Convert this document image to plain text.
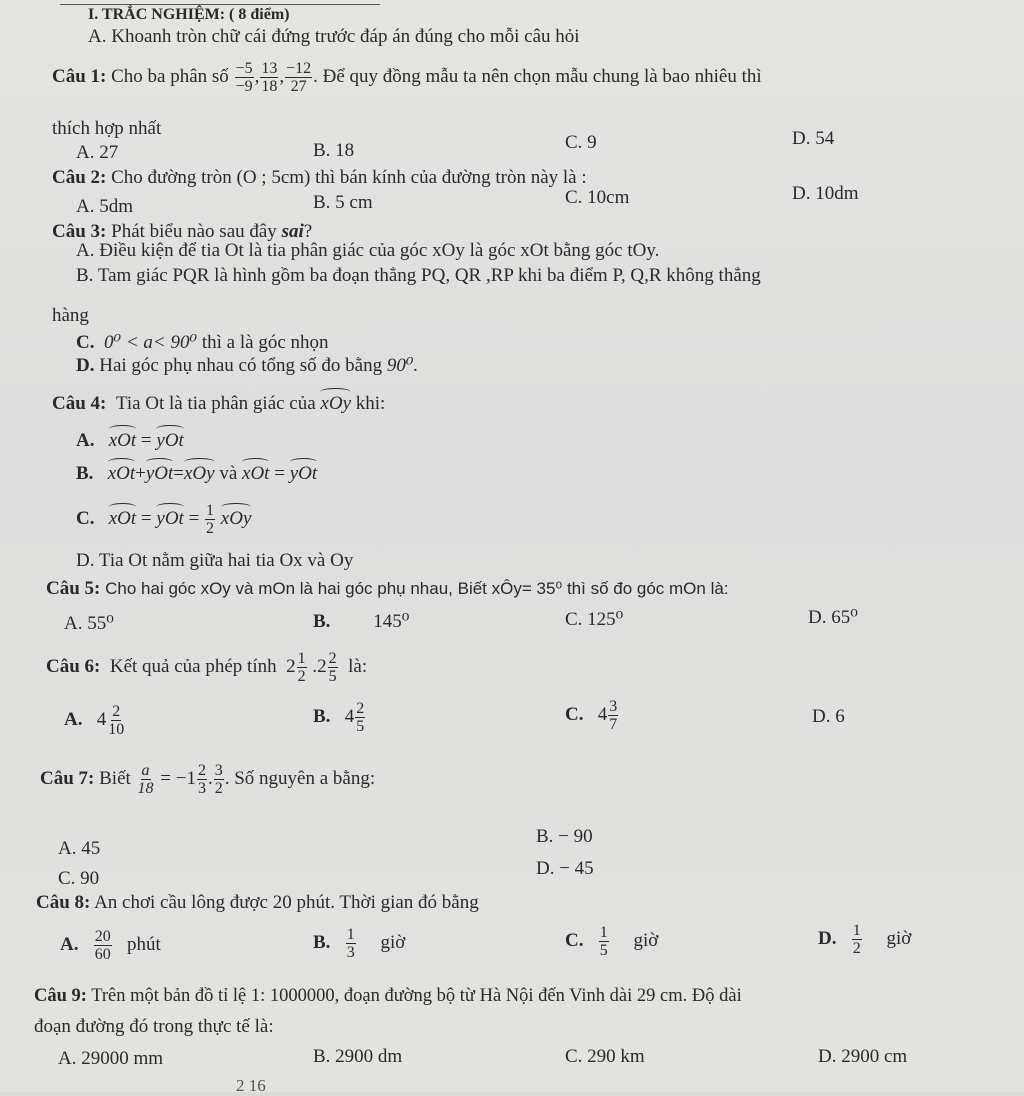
I. TRẮC NGHIỆM: ( 8 điểm)
A. Khoanh tròn chữ cái đứng trước đáp án đúng cho mỗi câu hỏi
Câu 1: Cho ba phân số $\frac{-5}{-9}$ , $\frac{13}{18}$ , $\frac{-12}{27}$ . Để quy đồng mẫu ta nên chọn mẫu chung là bao nhiêu thì
thích hợp nhất
A. 27	B. 18	C. 9	D. 54
Câu 2: Cho đường tròn (O ; 5cm) thì bán kính của đường tròn này là :
A. 5dm	B. 5 cm	C. 10cm	D. 10dm
Câu 3: Phát biểu nào sau đây sai?
A. Điều kiện để tia Ot là tia phân giác của góc xOy là góc xOt bằng góc tOy.
B. Tam giác PQR là hình gồm ba đoạn thẳng PQ, QR ,RP khi ba điểm P, Q,R không thẳng
hàng
C. 0⁰ < a< 90⁰ thì a là góc nhọn
D. Hai góc phụ nhau có tổng số đo bằng 90⁰.
Câu 4: Tia Ot là tia phân giác của xOy khi:
A. xOt = yOt
B. xOt+yOt=xOy và xOt = yOt
C. xOt = yOt = $\frac{1}{2}$ xOy
D. Tia Ot nằm giữa hai tia Ox và Oy
Câu 5: Cho hai góc xOy và mOn là hai góc phụ nhau, Biết xÔy= 35⁰ thì số đo góc mOn là:
A. 55⁰	B. 145⁰	C. 125⁰	D. 65⁰
Câu 6: Kết quả của phép tính $2 \frac{1}{2} .2 \frac{2}{5}$ là:
A. $4 \frac{2}{10}$	B. $4 \frac{2}{5}$	C. $4 \frac{3}{7}$	D. 6
Câu 7: Biết $\frac{a}{18} = -1 \frac{2}{3}$ . $\frac{3}{2}$ . Số nguyên a bằng:
A. 45
B. − 90
C. 90	D. − 45
Câu 8: An chơi cầu lông được 20 phút. Thời gian đó bằng
A. $\frac{20}{60}$ phút	B. $\frac{1}{3}$ giờ	C. $\frac{1}{5}$ giờ	D. $\frac{1}{2}$ giờ
Câu 9: Trên một bản đồ tỉ lệ 1: 1000000, đoạn đường bộ từ Hà Nội đến Vinh dài 29 cm. Độ dài
đoạn đường đó trong thực tế là:
A. 29000 mm	B. 2900 dm	C. 290 km	D. 2900 cm
2 16
